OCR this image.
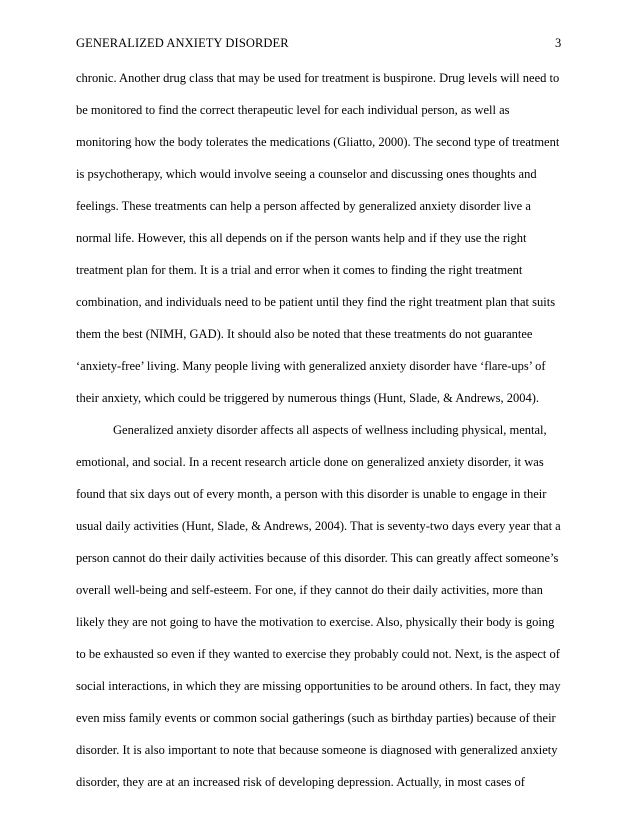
GENERALIZED ANXIETY DISORDER	3
chronic. Another drug class that may be used for treatment is buspirone. Drug levels will need to
be monitored to find the correct therapeutic level for each individual person, as well as
monitoring how the body tolerates the medications (Gliatto, 2000). The second type of treatment
is psychotherapy, which would involve seeing a counselor and discussing ones thoughts and
feelings. These treatments can help a person affected by generalized anxiety disorder live a
normal life. However, this all depends on if the person wants help and if they use the right
treatment plan for them. It is a trial and error when it comes to finding the right treatment
combination, and individuals need to be patient until they find the right treatment plan that suits
them the best (NIMH, GAD). It should also be noted that these treatments do not guarantee
‘anxiety-free’ living. Many people living with generalized anxiety disorder have ‘flare-ups’ of
their anxiety, which could be triggered by numerous things (Hunt, Slade, & Andrews, 2004).
Generalized anxiety disorder affects all aspects of wellness including physical, mental,
emotional, and social. In a recent research article done on generalized anxiety disorder, it was
found that six days out of every month, a person with this disorder is unable to engage in their
usual daily activities (Hunt, Slade, & Andrews, 2004). That is seventy-two days every year that a
person cannot do their daily activities because of this disorder. This can greatly affect someone’s
overall well-being and self-esteem. For one, if they cannot do their daily activities, more than
likely they are not going to have the motivation to exercise. Also, physically their body is going
to be exhausted so even if they wanted to exercise they probably could not. Next, is the aspect of
social interactions, in which they are missing opportunities to be around others. In fact, they may
even miss family events or common social gatherings (such as birthday parties) because of their
disorder. It is also important to note that because someone is diagnosed with generalized anxiety
disorder, they are at an increased risk of developing depression. Actually, in most cases of
